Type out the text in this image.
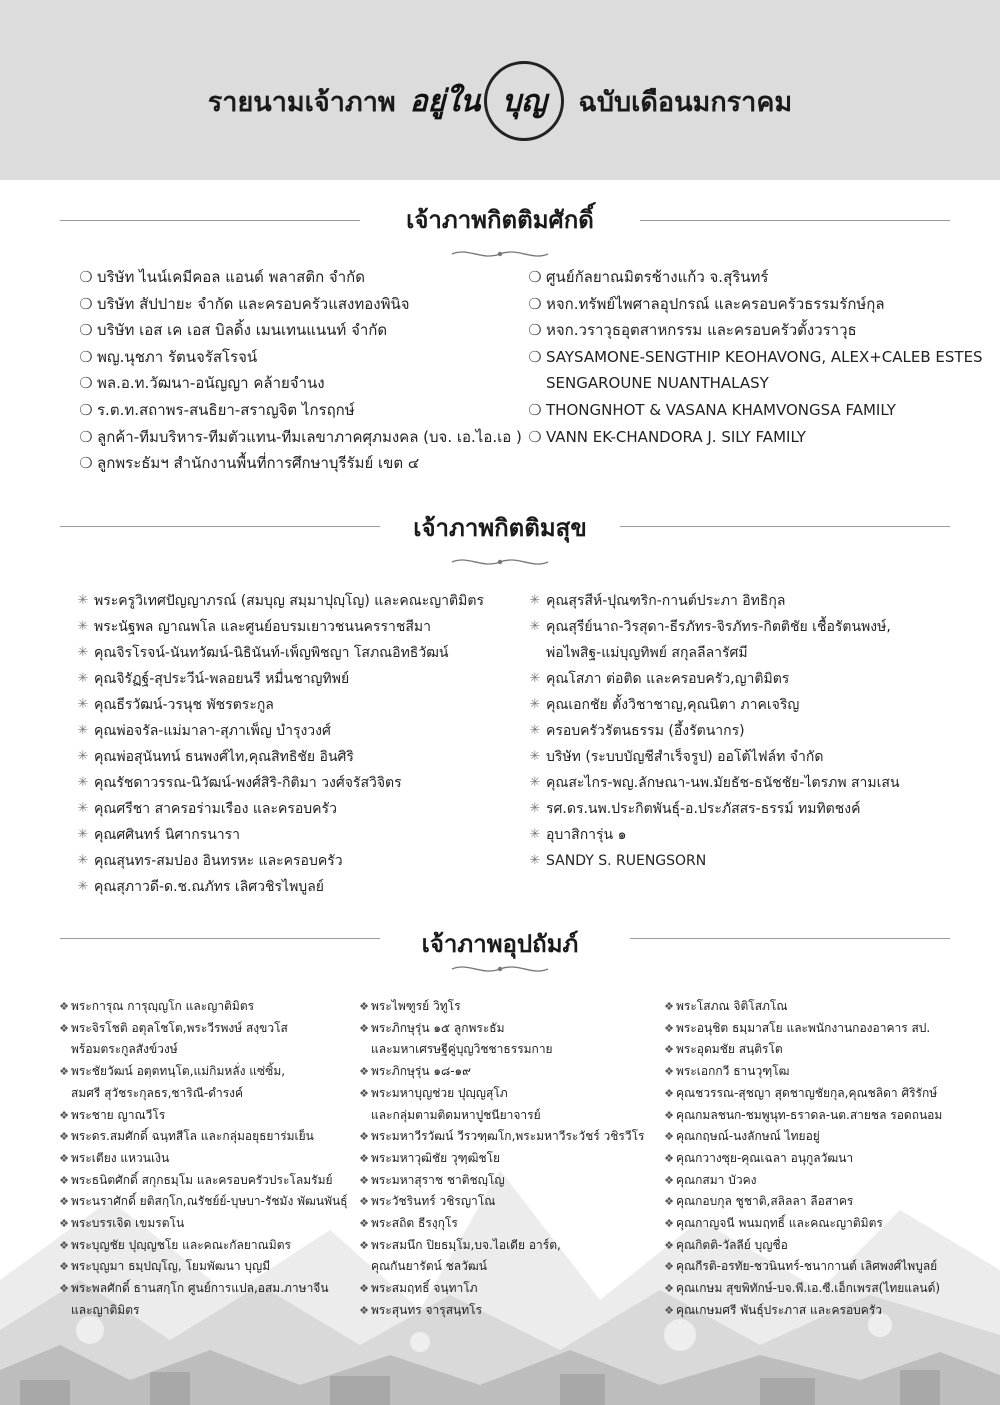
รายนามเจ้าภาพ อยู่ใน บุญ ฉบับเดือนมกราคม
เจ้าภาพกิตติมศักดิ์
❍ บริษัท ไนน์เคมีคอล แอนด์ พลาสติก จำกัด
❍ บริษัท สัปปายะ จำกัด และครอบครัวแสงทองพินิจ
❍ บริษัท เอส เค เอส บิลดิ้ง เมนเทนแนนท์ จำกัด
❍ พญ.นุชภา รัตนจรัสโรจน์
❍ พล.อ.ท.วัฒนา-อนัญญา คล้ายจำนง
❍ ร.ต.ท.สถาพร-สนธิยา-สราญจิต ไกรฤกษ์
❍ ลูกค้า-ทีมบริหาร-ทีมตัวแทน-ทีมเลขาภาคศุภมงคล (บจ. เอ.ไอ.เอ )
❍ ลูกพระธัมฯ สำนักงานพื้นที่การศึกษาบุรีรัมย์ เขต ๔
❍ ศูนย์กัลยาณมิตรช้างแก้ว จ.สุรินทร์
❍ หจก.ทรัพย์ไพศาลอุปกรณ์ และครอบครัวธรรมรักษ์กุล
❍ หจก.วราวุธอุตสาหกรรม และครอบครัวตั้งวราวุธ
❍ SAYSAMONE-SENGTHIP KEOHAVONG, ALEX+CALEB ESTES
SENGAROUNE NUANTHALASY
❍ THONGNHOT & VASANA KHAMVONGSA FAMILY
❍ VANN EK-CHANDORA J. SILY FAMILY
เจ้าภาพกิตติมสุข
✳ พระครูวิเทศปัญญาภรณ์ (สมบุญ สมฺมาปุญฺโญ) และคณะญาติมิตร
✳ พระนัฐพล ญาณพโล และศูนย์อบรมเยาวชนนครราชสีมา
✳ คุณจิรโรจน์-นันทวัฒน์-นิธินันท์-เพ็ญพิชญา โสภณอิทธิวัฒน์
✳ คุณจิรัฏฐ์-สุประวีน์-พลอยนรี หมื่นชาญทิพย์
✳ คุณธีรวัฒน์-วรนุช พัชรตระกูล
✳ คุณพ่อจรัล-แม่มาลา-สุภาเพ็ญ บำรุงวงศ์
✳ คุณพ่อสุนันทน์ ธนพงศ์ไท,คุณสิทธิชัย อินศิริ
✳ คุณรัชดาวรรณ-นิวัฒน์-พงศ์สิริ-กิติมา วงศ์จรัสวิจิตร
✳ คุณศรีชา สาครอร่ามเรือง และครอบครัว
✳ คุณศศินทร์ นิศากรนารา
✳ คุณสุนทร-สมปอง อินทรหะ และครอบครัว
✳ คุณสุภาวดี-ด.ช.ณภัทร เลิศวชิรไพบูลย์
✳ คุณสุรสีห์-ปุณฑริก-กานต์ประภา อิทธิกุล
✳ คุณสุรีย์นาถ-วิรสุดา-ธีรภัทร-จิรภัทร-กิตติชัย เชื้อรัตนพงษ์,
พ่อไพสิฐ-แม่บุญทิพย์ สกุลลีลารัศมี
✳ คุณโสภา ต่อติด และครอบครัว,ญาติมิตร
✳ คุณเอกชัย ตั้งวิชาชาญ,คุณนิตา ภาคเจริญ
✳ ครอบครัวรัตนธรรม (อึ้งรัตนากร)
✳ บริษัท (ระบบบัญชีสำเร็จรูป) ออโต้ไฟล์ท จำกัด
✳ คุณสะไกร-พญ.ลักษณา-นพ.มัยธัช-ธนัชชัย-ไตรภพ สามเสน
✳ รศ.ดร.นพ.ประกิตพันธุ์-อ.ประภัสสร-ธรรม์ ทมทิตชงค์
✳ อุบาสิการุ่น ๑
✳ SANDY S. RUENGSORN
เจ้าภาพอุปถัมภ์
❖ พระการุณ การุญฺญโก และญาติมิตร
❖ พระจิรโชติ อตุลโชโต,พระวีรพงษ์ สงฺขวโส
พร้อมตระกูลสังข์วงษ์
❖ พระชัยวัฒน์ อตฺตทนฺโต,แม่กิมหลั่ง แซ่ซิ้ม,
สมศรี สุวัชระกุลธร,ชาริณี-ดำรงค์
❖ พระชาย ญาณวีโร
❖ พระดร.สมศักดิ์ ฉนฺทสีโล และกลุ่มอยุธยาร่มเย็น
❖ พระเตียง แหวนเงิน
❖ พระธนิตศักดิ์ สกุกธมฺโม และครอบครัวประโลมรัมย์
❖ พระนราศักดิ์ ยติสกฺโก,ณรัชย์ย์-บุษบา-รัชมัง พัฒนพันธุ์
❖ พระบรรเจิด เขมรตโน
❖ พระบุญชัย ปุญฺญชโย และคณะกัลยาณมิตร
❖ พระบุญมา ธมฺปญฺโญ, โยมพัฒนา บุญมี
❖ พระพลศักดิ์ ธานสกฺโก ศูนย์การแปล,อสม.ภาษาจีน
และญาติมิตร
❖ พระไพฑูรย์ วิทูโร
❖ พระภิกษุรุ่น ๑๕ ลูกพระธัม
และมหาเศรษฐีคู่บุญวิชชาธรรมกาย
❖ พระภิกษุรุ่น ๑๘-๑๙
❖ พระมหาบุญช่วย ปุญฺญสุโภ
และกลุ่มตามติดมหาปูชนียาจารย์
❖ พระมหาวีรวัฒน์ วีรวฑฺฒโก,พระมหาวีระวัชร์ วชิรวีโร
❖ พระมหาวุฒิชัย วุฑฺฒิชโย
❖ พระมหาสุราช ชาติชญฺโญ
❖ พระวัชรินทร์ วชิรญาโณ
❖ พระสถิต ธีรงฺกุโร
❖ พระสมนึก ปิยธมฺโม,บจ.ไอเดีย อาร์ต,
คุณกันยารัตน์ ชลวัฒน์
❖ พระสมฤทธิ์ จนฺทาโภ
❖ พระสุนทร จารุสนฺทโร
❖ พระโสภณ จิติโสภโณ
❖ พระอนุชิต ธมฺมาสโย และพนักงานกองอาคาร สป.
❖ พระอุดมชัย สนฺติรโต
❖ พระเอกกวี ธานวุฑฺโฒ
❖ คุณชวรรณ-สุชญา สุดชาญชัยกุล,คุณชลิดา ศิริรักษ์
❖ คุณกมลชนก-ชมพูนุท-ธราดล-นต.สายชล รอดถนอม
❖ คุณกฤษณ์-นงลักษณ์ ไทยอยู่
❖ คุณกวางซุย-คุณเฉลา อนุกูลวัฒนา
❖ คุณกสมา บัวคง
❖ คุณกอบกุล ชูชาติ,สลิลลา ลือสาคร
❖ คุณกาญจนี พนมฤทธิ์ และคณะญาติมิตร
❖ คุณกิตติ-วัลลีย์ บุญชื่อ
❖ คุณกีรติ-อรทัย-ชวนินทร์-ชนากานต์ เลิศพงศ์ไพบูลย์
❖ คุณเกษม สุขพิทักษ์-บจ.พี.เอ.ซี.เอ็กเพรส(ไทยแลนด์)
❖ คุณเกษมศรี พันธุ์ประภาส และครอบครัว
